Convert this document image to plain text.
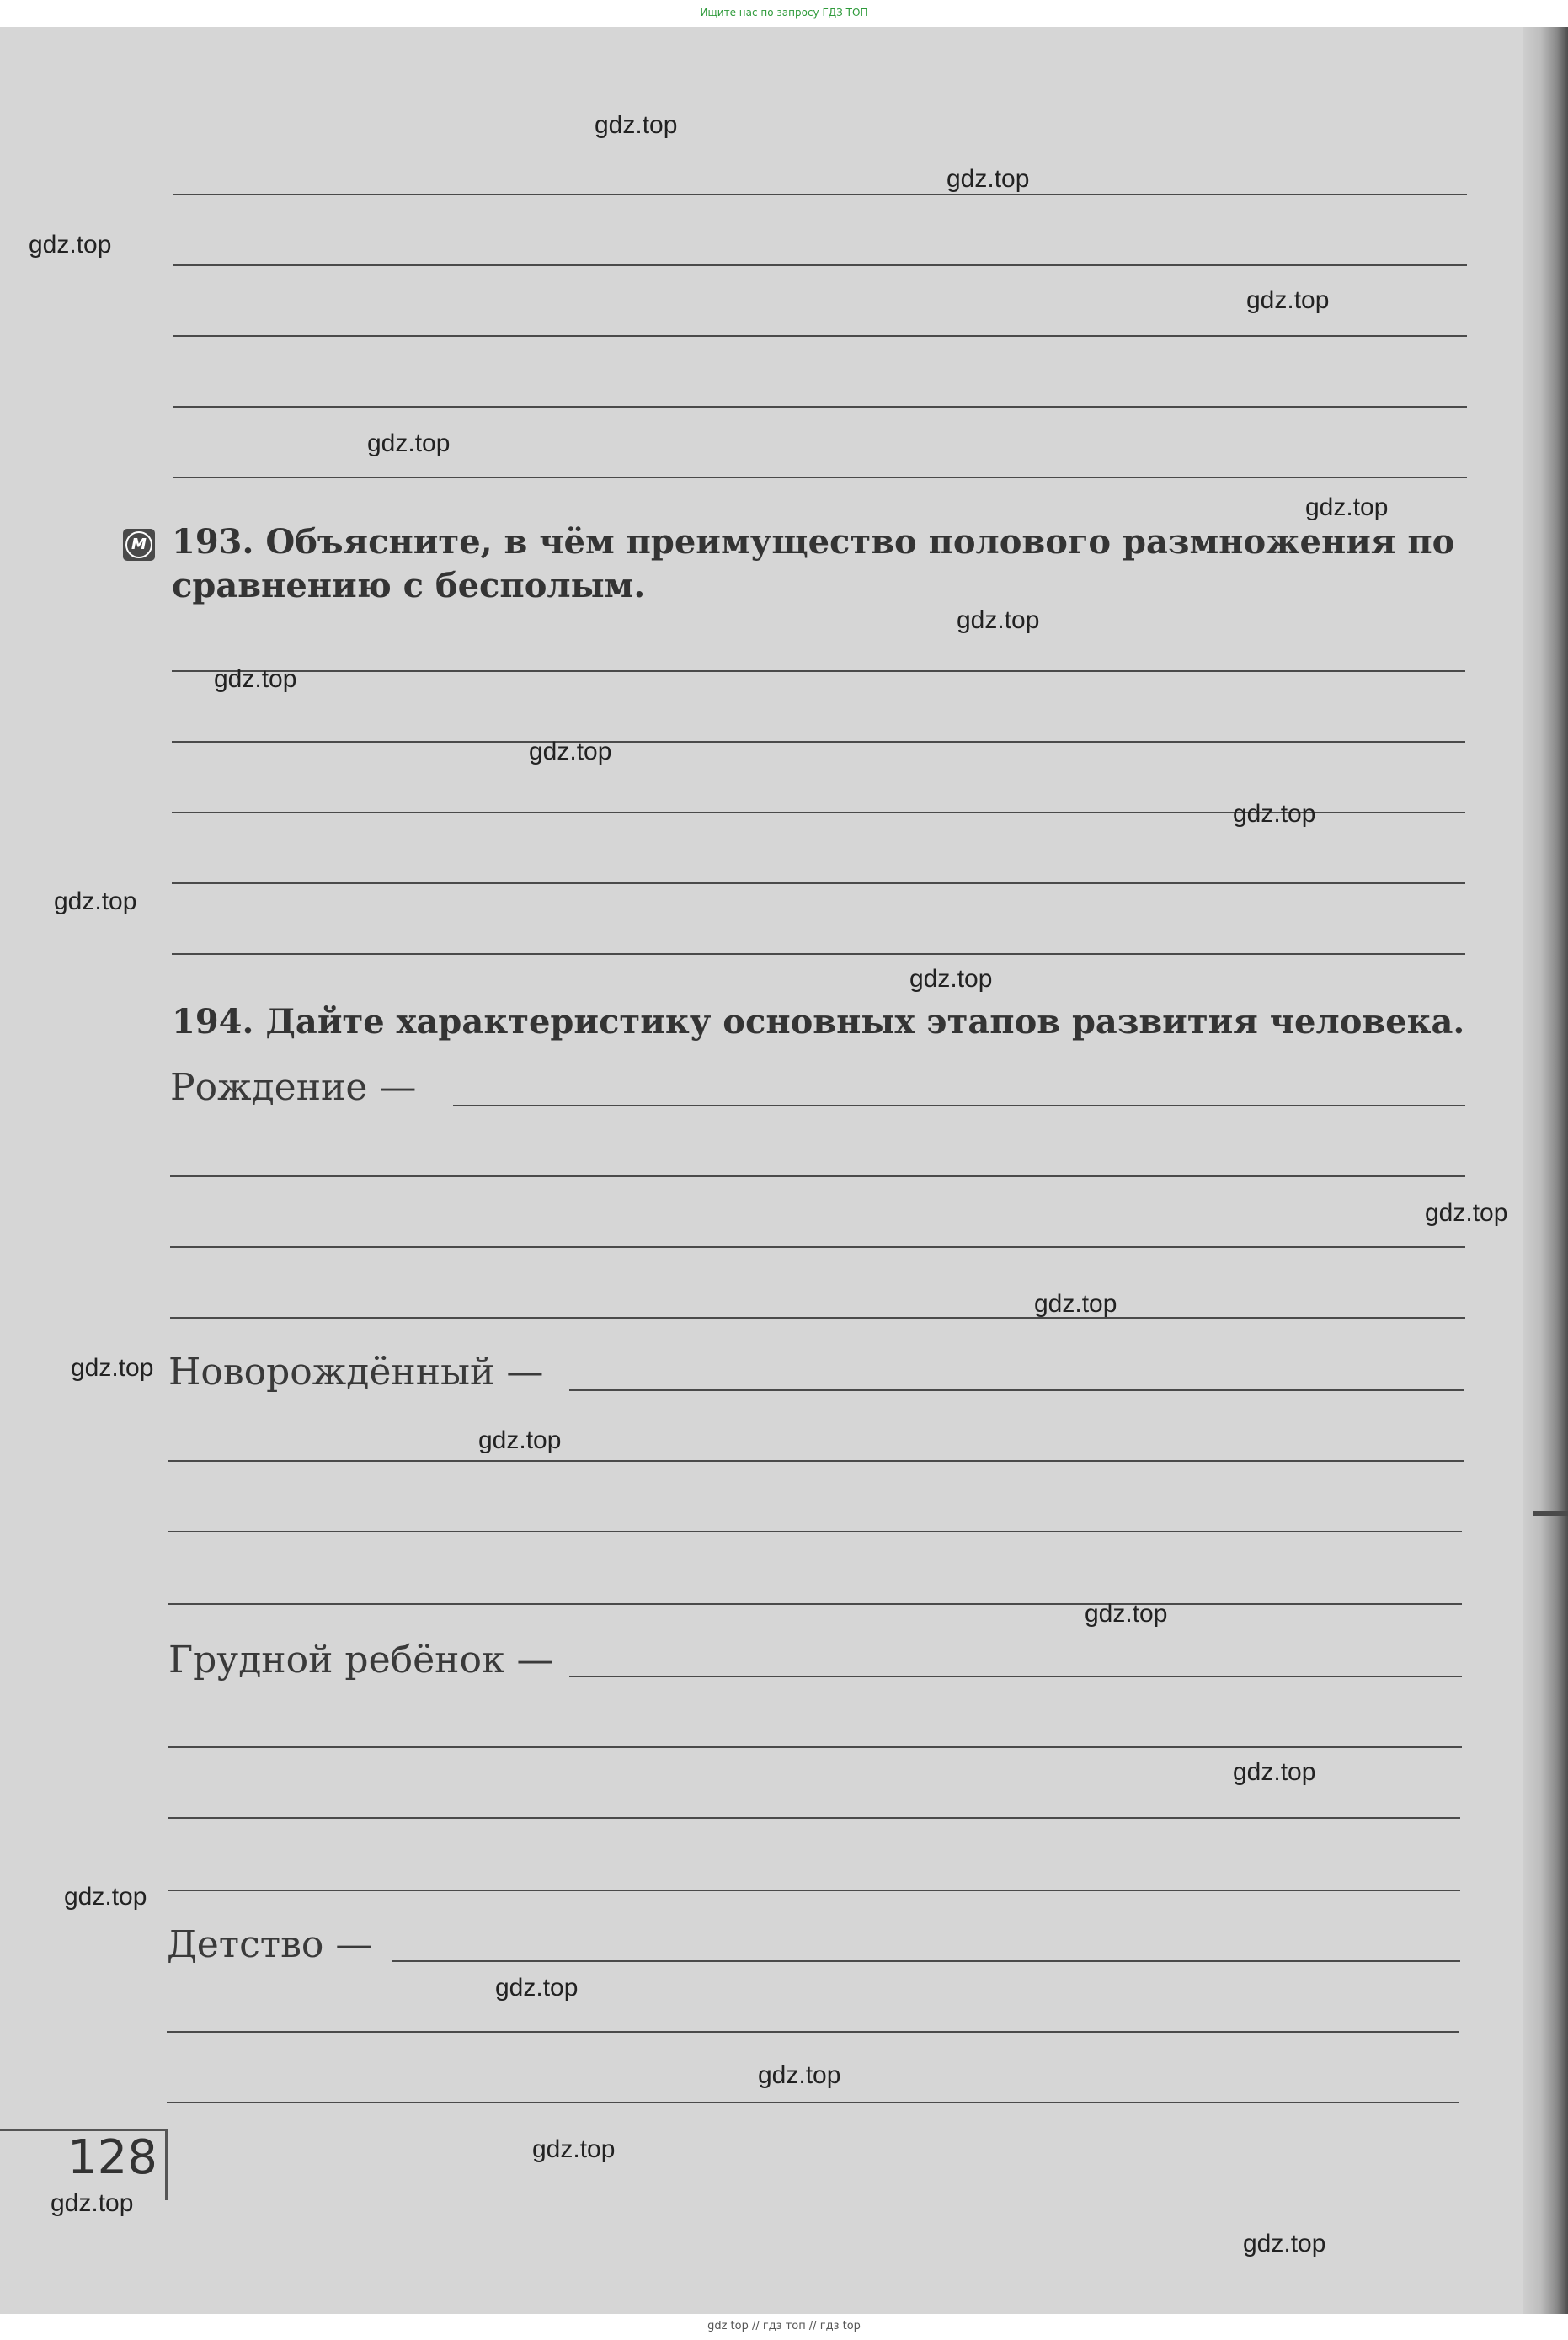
Ищите нас по запросу ГДЗ ТОП
М 193. Объясните, в чём преимущество полового размножения по сравнению с бесполым.
194. Дайте характеристику основных этапов развития человека.
Рождение —
Новорождённый —
Грудной ребёнок —
Детство —
128
gdz.top
gdz.top
gdz.top
gdz.top
gdz.top
gdz.top
gdz.top
gdz.top
gdz.top
gdz.top
gdz.top
gdz.top
gdz.top
gdz.top
gdz.top
gdz.top
gdz.top
gdz.top
gdz.top
gdz.top
gdz.top
gdz.top
gdz.top
gdz.top
gdz top // гдз топ // гдз top
